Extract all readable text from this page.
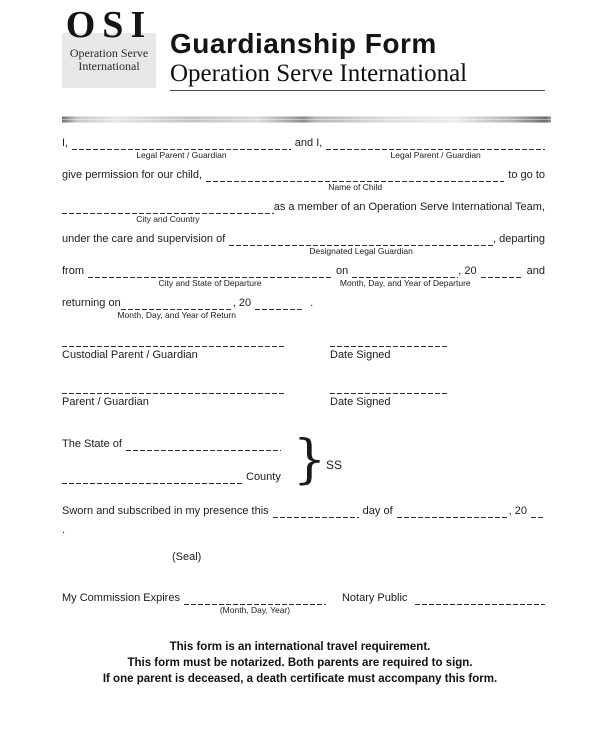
OSI
Operation Serve
International
Guardianship Form
Operation Serve International
I,
Legal Parent / Guardian
and I,
Legal Parent / Guardian
give permission for our child,
Name of Child
to go to
City and Country
as a member of an Operation Serve International Team,
under the care and supervision of
Designated Legal Guardian
, departing
from
City and State of Departure
on
Month, Day, and Year of Departure
, 20	and
returning on
Month, Day, and Year of Return
, 20	.
Custodial Parent / Guardian	Date Signed
Parent / Guardian	Date Signed
The State of
County } SS
Sworn and subscribed in my presence this	day of	, 20
.
(Seal)
My Commission Expires
(Month, Day, Year)
Notary Public
This form is an international travel requirement.
This form must be notarized. Both parents are required to sign.
If one parent is deceased, a death certificate must accompany this form.
